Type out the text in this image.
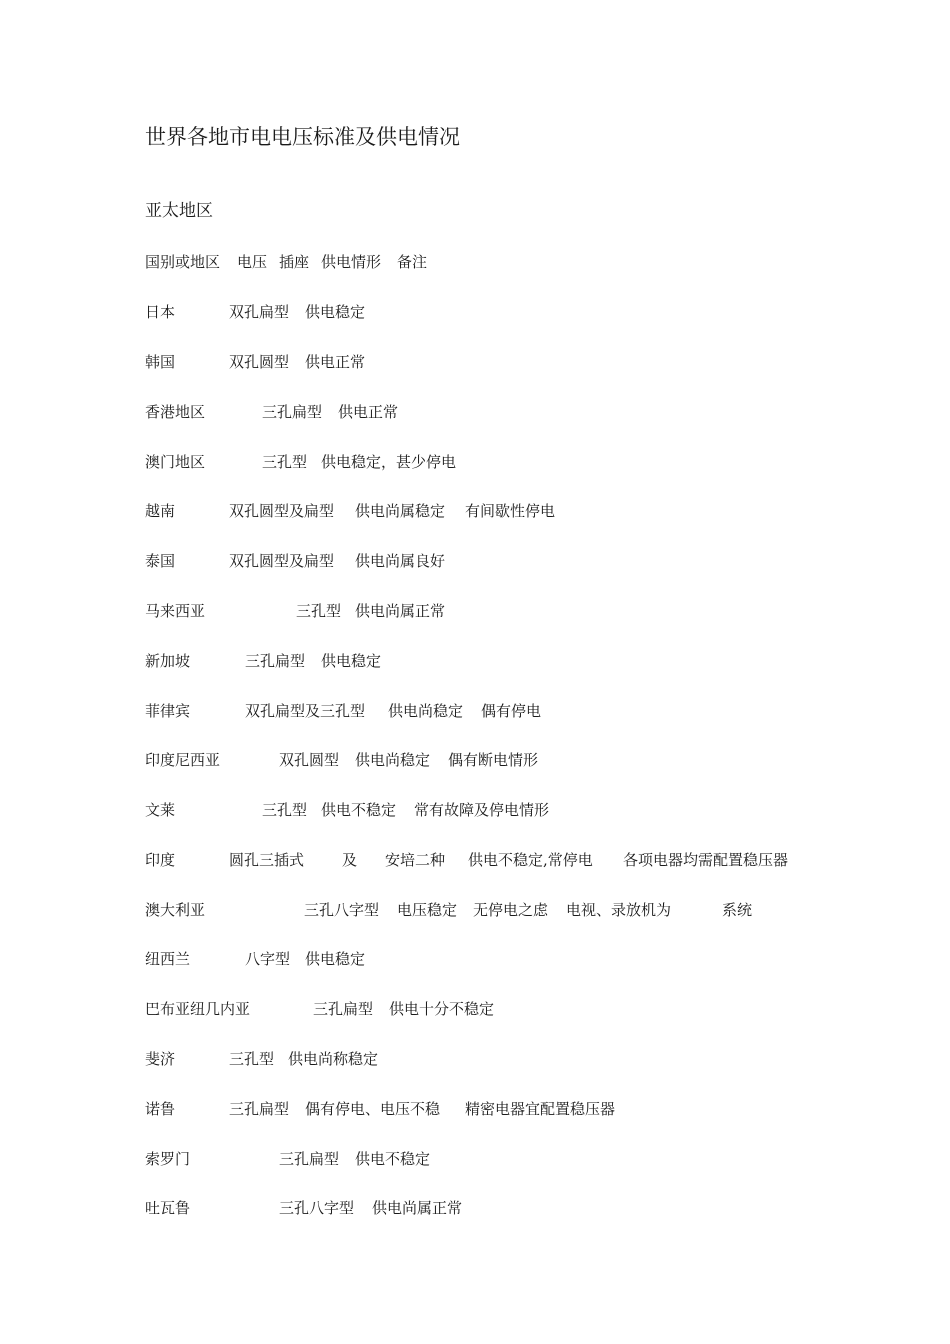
世界各地市电电压标准及供电情况
亚太地区
国别或地区 电压 插座 供电情形 备注
日本	双孔扁型 供电稳定
韩国	双孔圆型 供电正常
香港地区	三孔扁型 供电正常
澳门地区	三孔型 供电稳定，甚少停电
越南	双孔圆型及扁型 供电尚属稳定 有间歇性停电
泰国	双孔圆型及扁型 供电尚属良好
马来西亚	三孔型 供电尚属正常
新加坡	三孔扁型 供电稳定
菲律宾	双孔扁型及三孔型 供电尚稳定 偶有停电
印度尼西亚	双孔圆型 供电尚稳定 偶有断电情形
文莱	三孔型 供电不稳定 常有故障及停电情形
印度	圆孔三插式	及 安培二种 供电不稳定,常停电 各项电器均需配置稳压器
澳大利亚	三孔八字型 电压稳定 无停电之虑 电视、录放机为	系统
纽西兰	八字型 供电稳定
巴布亚纽几内亚	三孔扁型 供电十分不稳定
斐济	三孔型 供电尚称稳定
诺鲁	三孔扁型 偶有停电、电压不稳 精密电器宜配置稳压器
索罗门	三孔扁型 供电不稳定
吐瓦鲁	三孔八字型 供电尚属正常
